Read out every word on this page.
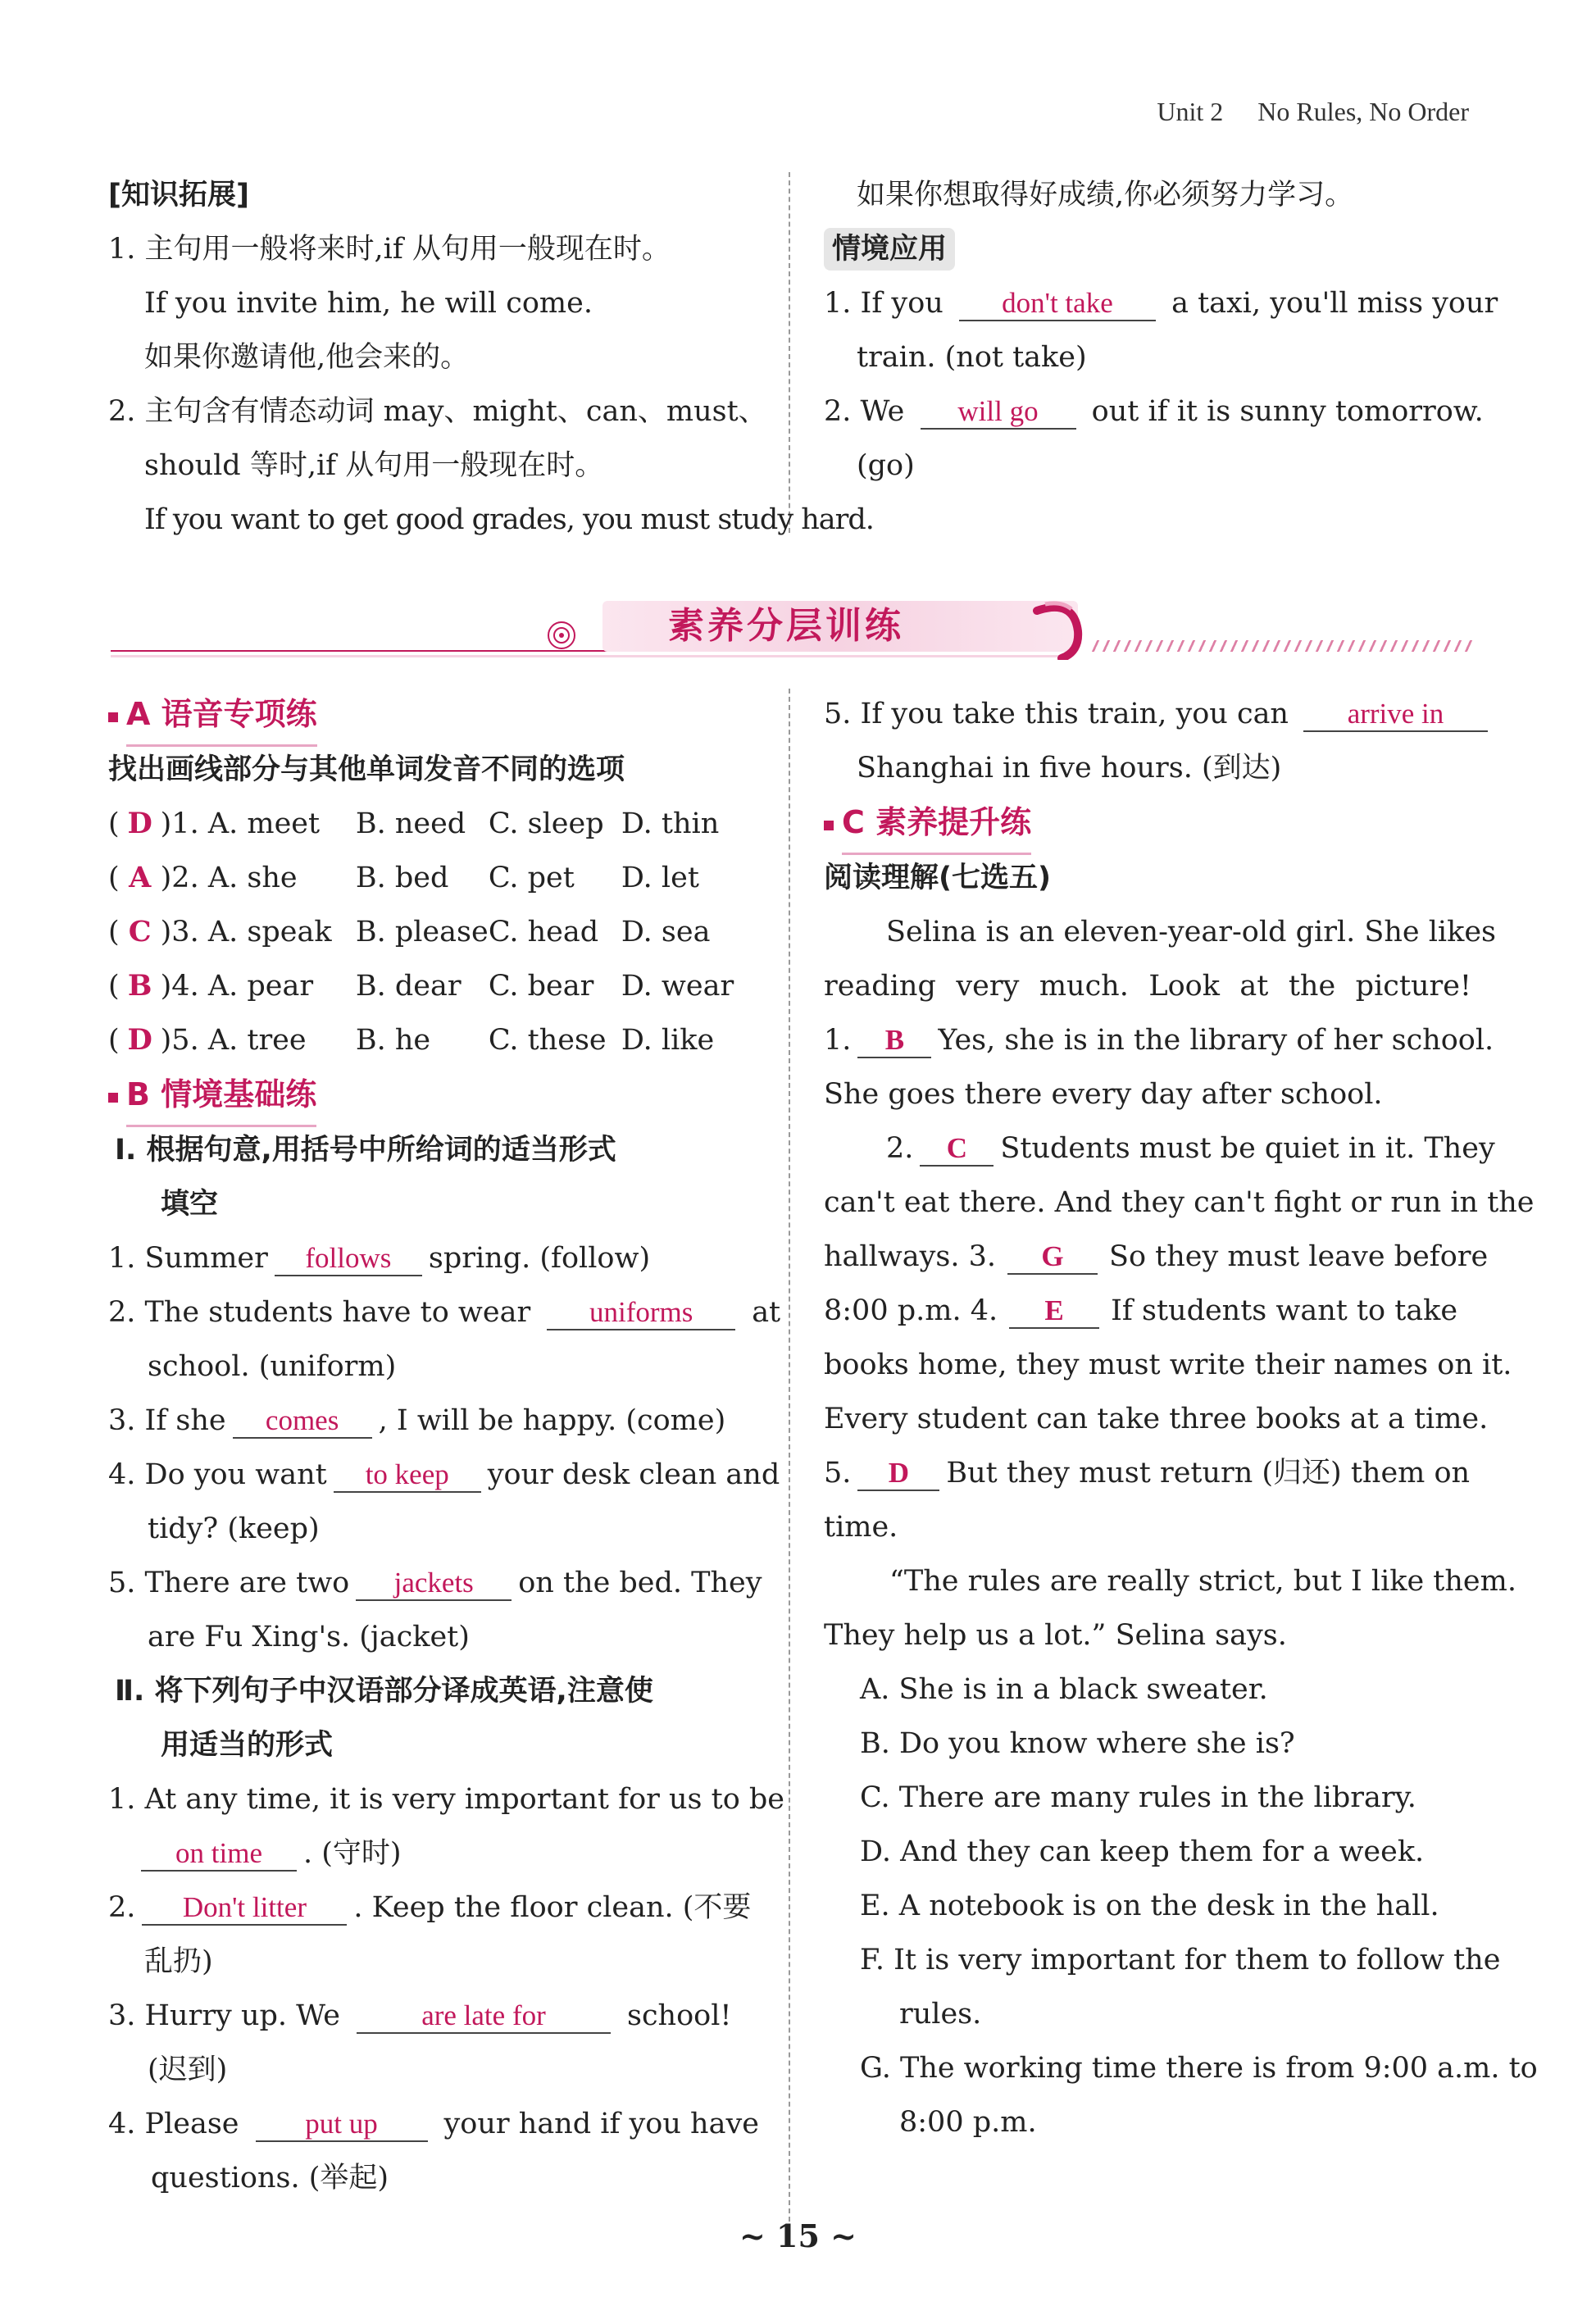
Unit 2 No Rules, No Order
[知识拓展]
1. 主句用一般将来时,if 从句用一般现在时。
If you invite him, he will come.
如果你邀请他,他会来的。
2. 主句含有情态动词 may、might、can、must、
should 等时,if 从句用一般现在时。
If you want to get good grades, you must study hard.
如果你想取得好成绩,你必须努力学习。
情境应用
1. If you don't take a taxi, you'll miss your
train. (not take)
2. We will go out if it is sunny tomorrow.
(go)
素养分层训练
A 语音专项练
找出画线部分与其他单词发音不同的选项
( D )1. A. meet B. need C. sleep D. thin
( A )2. A. she B. bed C. pet D. let
( C )3. A. speak B. pleaseC. head D. sea
( B )4. A. pear B. dear C. bear D. wear
( D )5. A. tree B. he C. these D. like
B 情境基础练
Ⅰ. 根据句意,用括号中所给词的适当形式
填空
1. Summer follows spring. (follow)
2. The students have to wear uniforms at
school. (uniform)
3. If she comes , I will be happy. (come)
4. Do you want to keep your desk clean and
tidy? (keep)
5. There are two jackets on the bed. They
are Fu Xing's. (jacket)
Ⅱ. 将下列句子中汉语部分译成英语,注意使
用适当的形式
1. At any time, it is very important for us to be
on time . (守时)
2. Don't litter . Keep the floor clean. (不要
乱扔)
3. Hurry up. We	are late for	school!
(迟到)
4. Please put up your hand if you have
questions. (举起)
5. If you take this train, you can arrive in
Shanghai in five hours. (到达)
C 素养提升练
阅读理解(七选五)
Selina is an eleven-year-old girl. She likes
reading very much. Look at the picture!
1. B Yes, she is in the library of her school.
She goes there every day after school.
2. C Students must be quiet in it. They
can't eat there. And they can't fight or run in the
hallways. 3. G So they must leave before
8:00 p.m. 4. E If students want to take
books home, they must write their names on it.
Every student can take three books at a time.
5. D But they must return (归还) them on
time.
“The rules are really strict, but I like them.
They help us a lot.” Selina says.
A. She is in a black sweater.
B. Do you know where she is?
C. There are many rules in the library.
D. And they can keep them for a week.
E. A notebook is on the desk in the hall.
F. It is very important for them to follow the
rules.
G. The working time there is from 9:00 a.m. to
8:00 p.m.
~ 15 ~
